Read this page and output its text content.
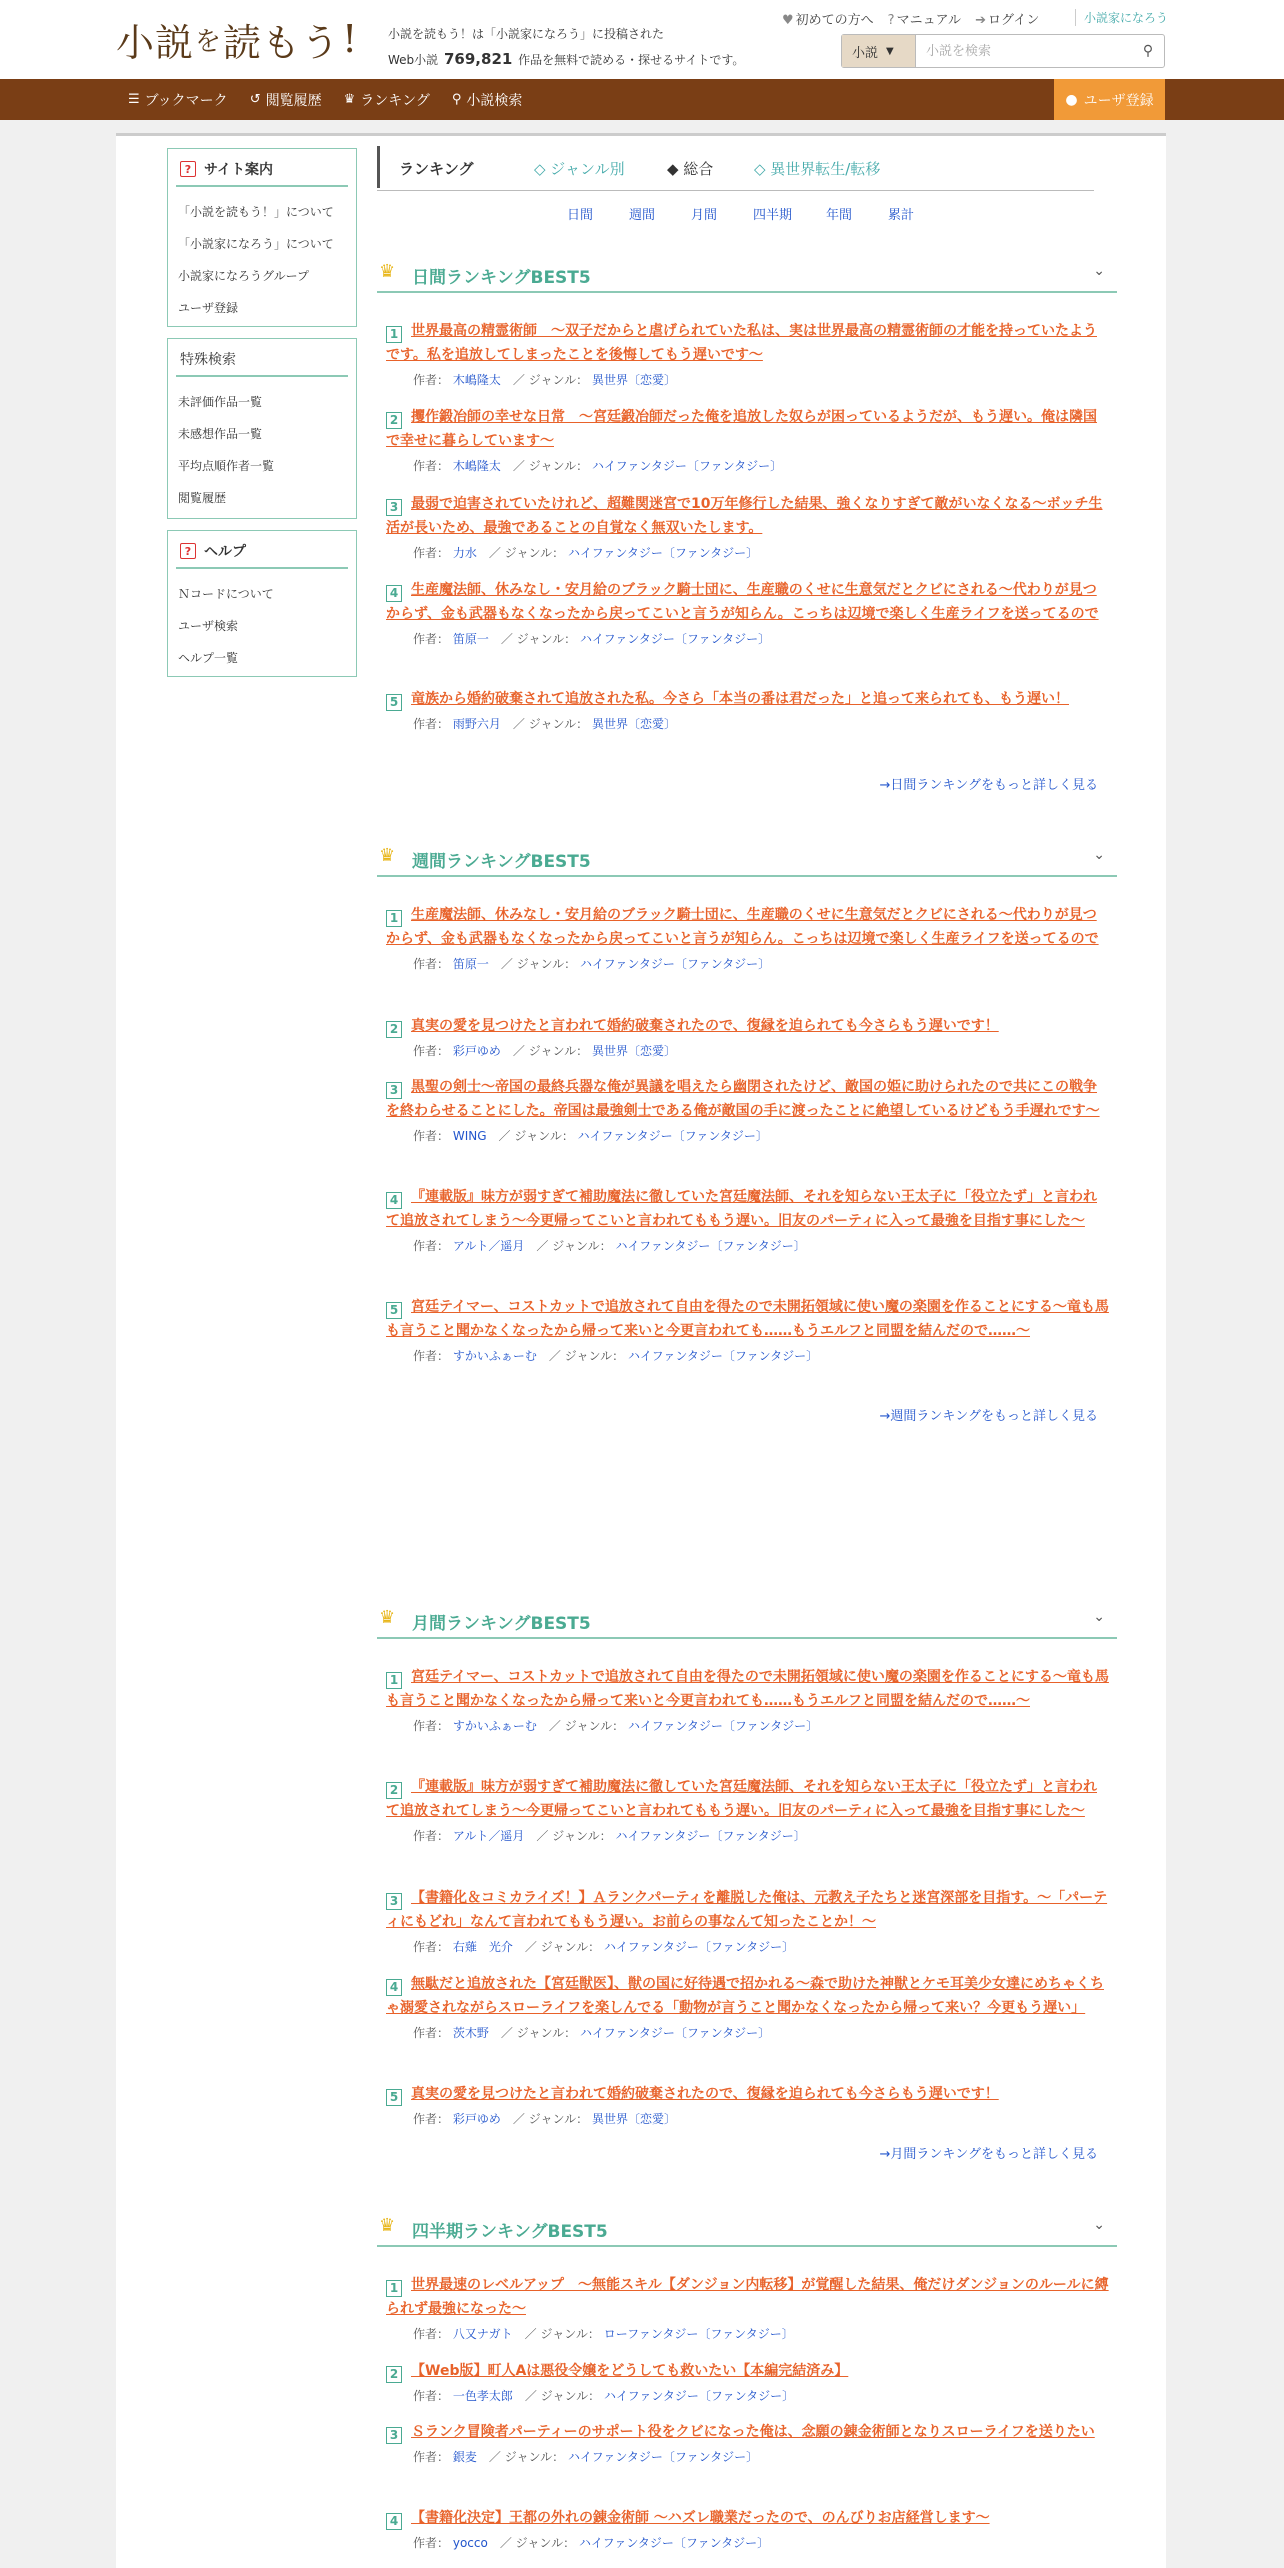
小説 を 読もう ! 小説を読もう！は「小説家になろう」に投稿された
Web小説 769,821 作品を無料で読める・探せるサイトです。
♥ 初めての方へ ? マニュアル ➔ ログイン	小説家になろう
小説 ▼
小説を検索	⚲
☰ ブックマーク ↺ 閲覧履歴 ♛ ランキング ⚲ 小説検索	● ユーザ登録
? サイト案内
「小説を読もう！」について
「小説家になろう」について
小説家になろうグループ
ユーザ登録
特殊検索
未評価作品一覧
未感想作品一覧
平均点順作者一覧
閲覧履歴
? ヘルプ
Ｎコードについて
ユーザ検索
ヘルプ一覧
ランキング	◇ ジャンル別	◆ 総合	◇ 異世界転生/転移
日間	週間	月間	四半期	年間	累計
♛ 日間ランキングBEST5	⌄
1 世界最高の精霊術師　～双子だからと虐げられていた私は、実は世界最高の精霊術師の才能を持っていたようです。私を追放してしまったことを後悔してもう遅いです～
作者： 木嶋隆太　 ／ ジャンル： 異世界〔恋愛〕
2 攫作鍛冶師の幸せな日常　～宮廷鍛冶師だった俺を追放した奴らが困っているようだが、もう遅い。俺は隣国で幸せに暮らしています～
作者： 木嶋隆太　 ／ ジャンル： ハイファンタジー〔ファンタジー〕
3 最弱で迫害されていたけれど、超難関迷宮で10万年修行した結果、強くなりすぎて敵がいなくなる～ボッチ生活が長いため、最強であることの自覚なく無双いたします。
作者： 力水　 ／ ジャンル： ハイファンタジー〔ファンタジー〕
4 生産魔法師、休みなし・安月給のブラック騎士団に、生産職のくせに生意気だとクビにされる～代わりが見つからず、金も武器もなくなったから戻ってこいと言うが知らん。こっちは辺境で楽しく生産ライフを送ってるので
作者： 笛原一　 ／ ジャンル： ハイファンタジー〔ファンタジー〕
5 竜族から婚約破棄されて追放された私。今さら「本当の番は君だった」と追って来られても、もう遅い！
作者： 雨野六月　 ／ ジャンル： 異世界〔恋愛〕
→日間ランキングをもっと詳しく見る
♛ 週間ランキングBEST5	⌄
1 生産魔法師、休みなし・安月給のブラック騎士団に、生産職のくせに生意気だとクビにされる～代わりが見つからず、金も武器もなくなったから戻ってこいと言うが知らん。こっちは辺境で楽しく生産ライフを送ってるので
作者： 笛原一　 ／ ジャンル： ハイファンタジー〔ファンタジー〕
2 真実の愛を見つけたと言われて婚約破棄されたので、復縁を迫られても今さらもう遅いです！
作者： 彩戸ゆめ　 ／ ジャンル： 異世界〔恋愛〕
3 黒聖の剣士～帝国の最終兵器な俺が異議を唱えたら幽閉されたけど、敵国の姫に助けられたので共にこの戦争を終わらせることにした。帝国は最強剣士である俺が敵国の手に渡ったことに絶望しているけどもう手遅れです～
作者： WING　 ／ ジャンル： ハイファンタジー〔ファンタジー〕
4 『連載版』味方が弱すぎて補助魔法に徹していた宮廷魔法師、それを知らない王太子に「役立たず」と言われて追放されてしまう〜今更帰ってこいと言われてももう遅い。旧友のパーティに入って最強を目指す事にした〜
作者： アルト／遥月　 ／ ジャンル： ハイファンタジー〔ファンタジー〕
5 宮廷テイマー、コストカットで追放されて自由を得たので未開拓領域に使い魔の楽園を作ることにする～竜も馬も言うこと聞かなくなったから帰って来いと今更言われても……もうエルフと同盟を結んだので……～
作者： すかいふぁーむ　 ／ ジャンル： ハイファンタジー〔ファンタジー〕
→週間ランキングをもっと詳しく見る
♛ 月間ランキングBEST5	⌄
1 宮廷テイマー、コストカットで追放されて自由を得たので未開拓領域に使い魔の楽園を作ることにする～竜も馬も言うこと聞かなくなったから帰って来いと今更言われても……もうエルフと同盟を結んだので……～
作者： すかいふぁーむ　 ／ ジャンル： ハイファンタジー〔ファンタジー〕
2 『連載版』味方が弱すぎて補助魔法に徹していた宮廷魔法師、それを知らない王太子に「役立たず」と言われて追放されてしまう〜今更帰ってこいと言われてももう遅い。旧友のパーティに入って最強を目指す事にした〜
作者： アルト／遥月　 ／ ジャンル： ハイファンタジー〔ファンタジー〕
3 【書籍化＆コミカライズ！】Ａランクパーティを離脱した俺は、元教え子たちと迷宮深部を目指す。～「パーティにもどれ」なんて言われてももう遅い。お前らの事なんて知ったことか！～
作者： 右薙　光介　 ／ ジャンル： ハイファンタジー〔ファンタジー〕
4 無駄だと追放された【宮廷獣医】、獣の国に好待遇で招かれる～森で助けた神獣とケモ耳美少女達にめちゃくちゃ溺愛されながらスローライフを楽しんでる「動物が言うこと聞かなくなったから帰って来い？今更もう遅い」
作者： 茨木野　 ／ ジャンル： ハイファンタジー〔ファンタジー〕
5 真実の愛を見つけたと言われて婚約破棄されたので、復縁を迫られても今さらもう遅いです！
作者： 彩戸ゆめ　 ／ ジャンル： 異世界〔恋愛〕
→月間ランキングをもっと詳しく見る
♛ 四半期ランキングBEST5	⌄
1 世界最速のレベルアップ　～無能スキル【ダンジョン内転移】が覚醒した結果、俺だけダンジョンのルールに縛られず最強になった～
作者： 八又ナガト　 ／ ジャンル： ローファンタジー〔ファンタジー〕
2 【Web版】町人Aは悪役令嬢をどうしても救いたい【本編完結済み】
作者： 一色孝太郎　 ／ ジャンル： ハイファンタジー〔ファンタジー〕
3 Ｓランク冒険者パーティーのサポート役をクビになった俺は、念願の錬金術師となりスローライフを送りたい
作者： 銀麦　 ／ ジャンル： ハイファンタジー〔ファンタジー〕
4 【書籍化決定】王都の外れの錬金術師 ～ハズレ職業だったので、のんびりお店経営します～
作者： yocco　 ／ ジャンル： ハイファンタジー〔ファンタジー〕
